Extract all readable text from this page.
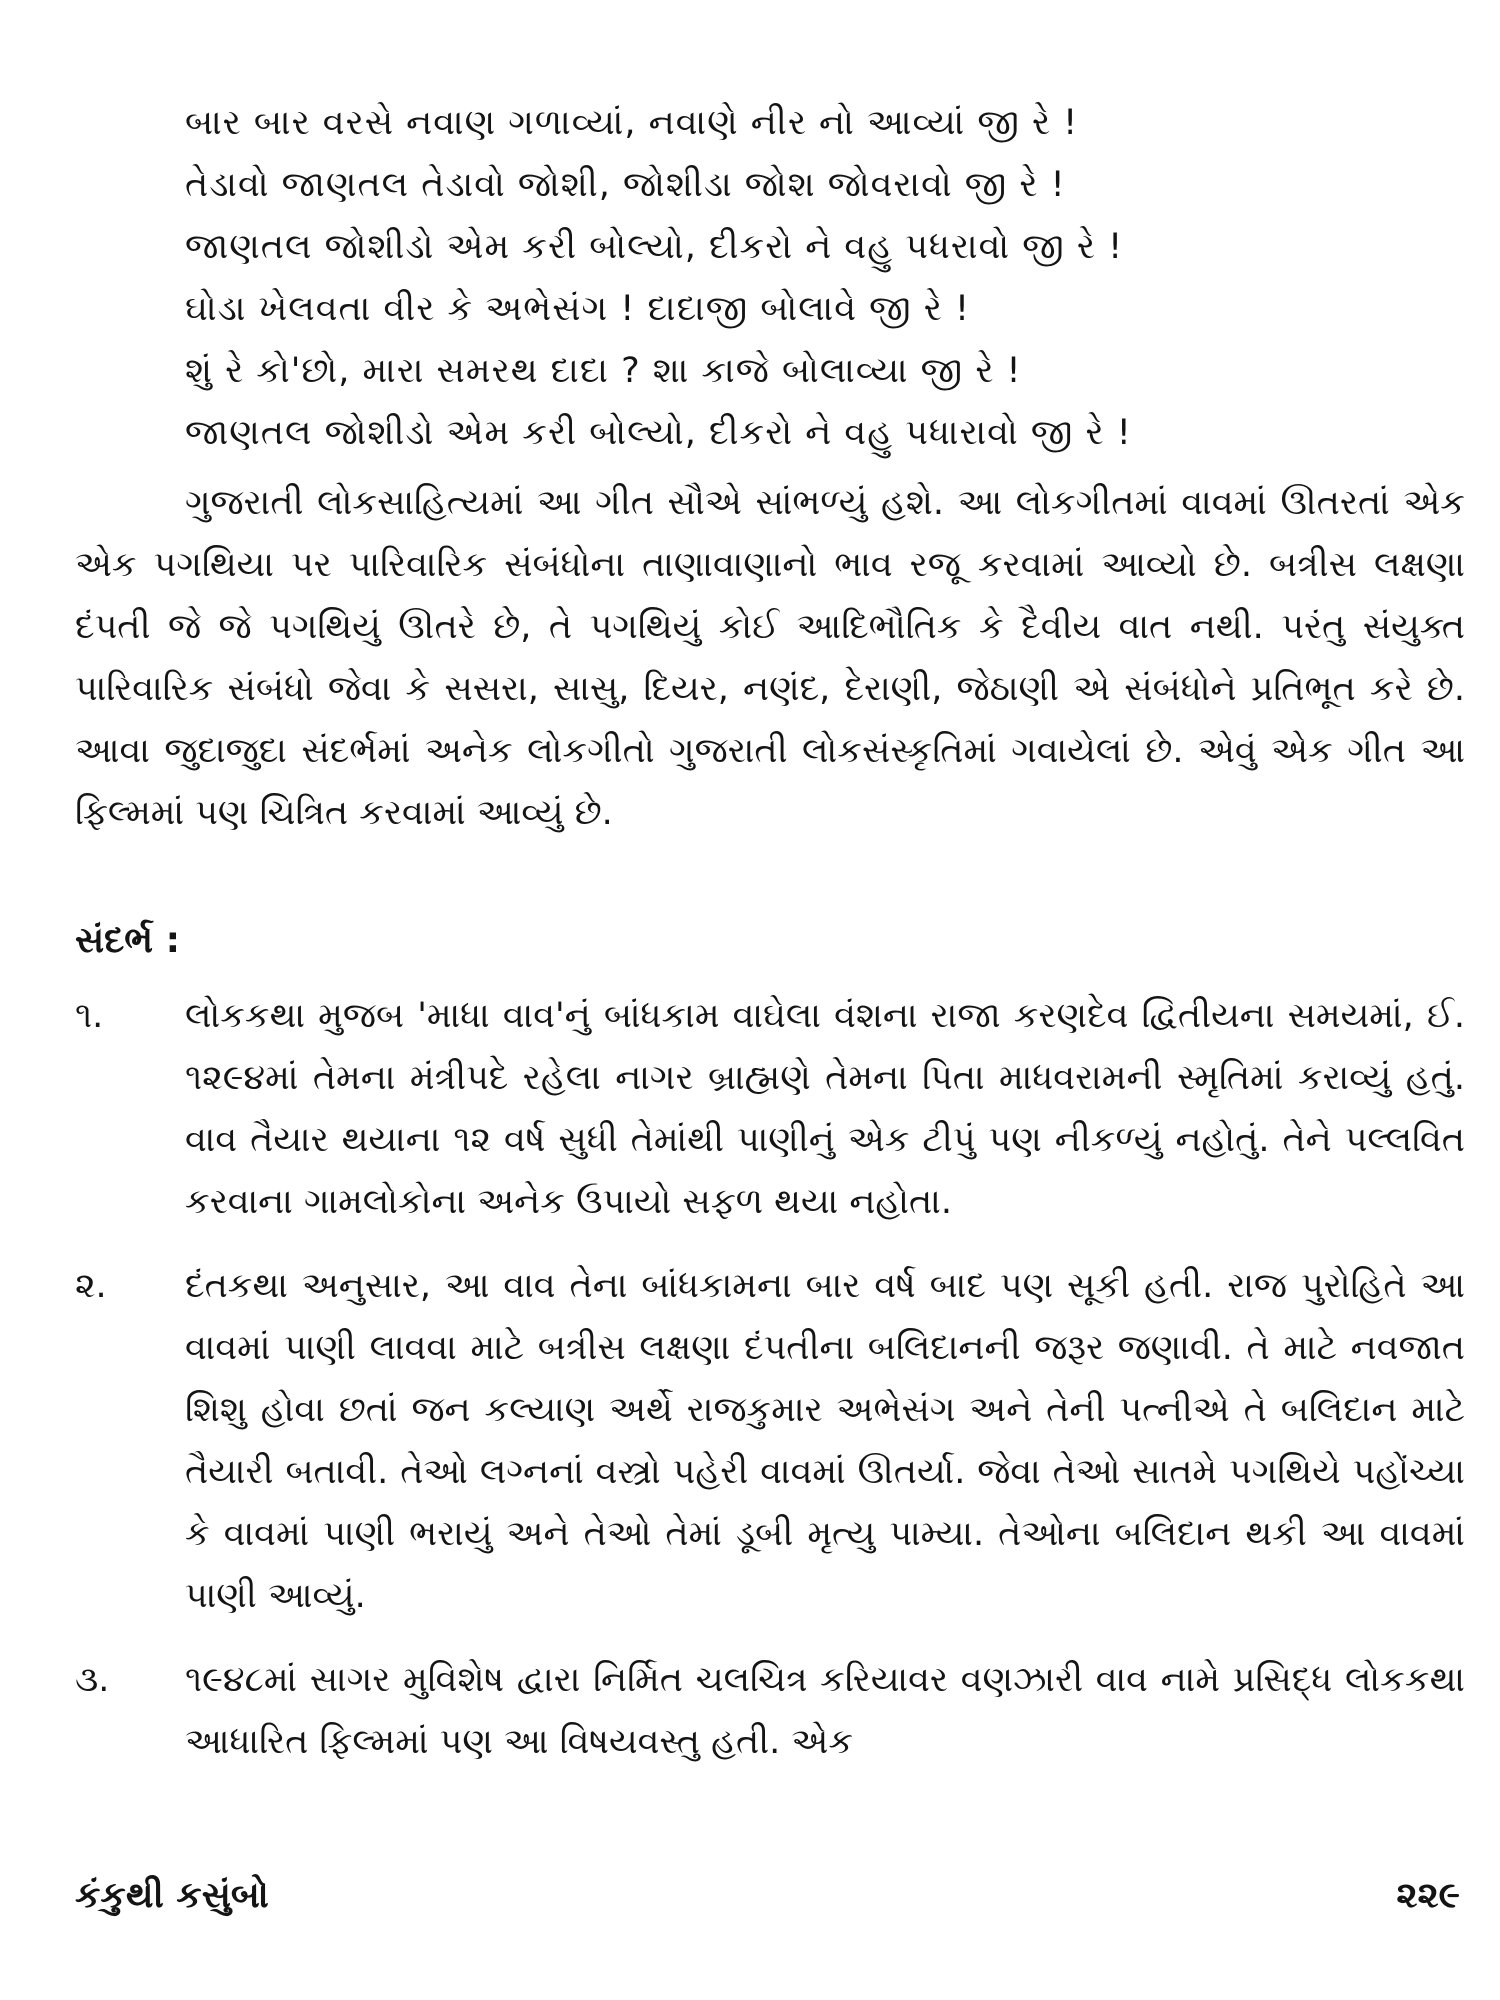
બાર બાર વરસે નવાણ ગળાવ્યાં, નવાણે નીર નો આવ્યાં જી રે !
તેડાવો જાણતલ તેડાવો જોશી, જોશીડા જોશ જોવરાવો જી રે !
જાણતલ જોશીડો એમ કરી બોલ્યો, દીકરો ને વહુ પધરાવો જી રે !
ઘોડા ખેલવતા વીર કે અભેસંગ ! દાદાજી બોલાવે જી રે !
શું રે કો'છો, મારા સમરથ દાદા ? શા કાજે બોલાવ્યા જી રે !
જાણતલ જોશીડો એમ કરી બોલ્યો, દીકરો ને વહુ પધારાવો જી રે !

ગુજરાતી લોકસાહિત્યમાં આ ગીત સૌએ સાંભળ્યું હશે. આ લોકગીતમાં વાવમાં ઊતરતાં એક એક પગથિયા પર પારિવારિક સંબંધોના તાણાવાણાનો ભાવ રજૂ કરવામાં આવ્યો છે. બત્રીસ લક્ષણા દંપતી જે જે પગથિયું ઊતરે છે, તે પગથિયું કોઈ આદિભૌતિક કે દૈવીય વાત નથી. પરંતુ સંયુક્ત પારિવારિક સંબંધો જેવા કે સસરા, સાસુ, દિયર, નણંદ, દેરાણી, જેઠાણી એ સંબંધોને પ્રતિભૂત કરે છે. આવા જુદાજુદા સંદર્ભમાં અનેક લોકગીતો ગુજરાતી લોકસંસ્કૃતિમાં ગવાયેલાં છે. એવું એક ગીત આ ફિલ્મમાં પણ ચિત્રિત કરવામાં આવ્યું છે.

સંદર્ભ :
૧.	લોકકથા મુજબ 'માધા વાવ'નું બાંધકામ વાઘેલા વંશના રાજા કરણદેવ દ્વિતીયના સમયમાં, ઈ. ૧૨૯૪માં તેમના મંત્રીપદે રહેલા નાગર બ્રાહ્મણે તેમના પિતા માધવરામની સ્મૃતિમાં કરાવ્યું હતું. વાવ તૈયાર થયાના ૧૨ વર્ષ સુધી તેમાંથી પાણીનું એક ટીપું પણ નીકળ્યું નહોતું. તેને પલ્લવિત કરવાના ગામલોકોના અનેક ઉપાયો સફળ થયા નહોતા.

૨.	દંતકથા અનુસાર, આ વાવ તેના બાંધકામના બાર વર્ષ બાદ પણ સૂકી હતી. રાજ પુરોહિતે આ વાવમાં પાણી લાવવા માટે બત્રીસ લક્ષણા દંપતીના બલિદાનની જરૂર જણાવી. તે માટે નવજાત શિશુ હોવા છતાં જન કલ્યાણ અર્થે રાજકુમાર અભેસંગ અને તેની પત્નીએ તે બલિદાન માટે તૈયારી બતાવી. તેઓ લગ્નનાં વસ્ત્રો પહેરી વાવમાં ઊતર્યા. જેવા તેઓ સાતમે પગથિયે પહોંચ્યા કે વાવમાં પાણી ભરાયું અને તેઓ તેમાં ડૂબી મૃત્યુ પામ્યા. તેઓના બલિદાન થકી આ વાવમાં પાણી આવ્યું.

૩.	૧૯૪૮માં સાગર મુવિશેષ દ્વારા નિર્મિત ચલચિત્ર કરિયાવર વણઝારી વાવ નામે પ્રસિદ્ધ લોકકથા આધારિત ફિલ્મમાં પણ આ વિષયવસ્તુ હતી. એક

કંકુથી કસુંબો	૨૨૯
